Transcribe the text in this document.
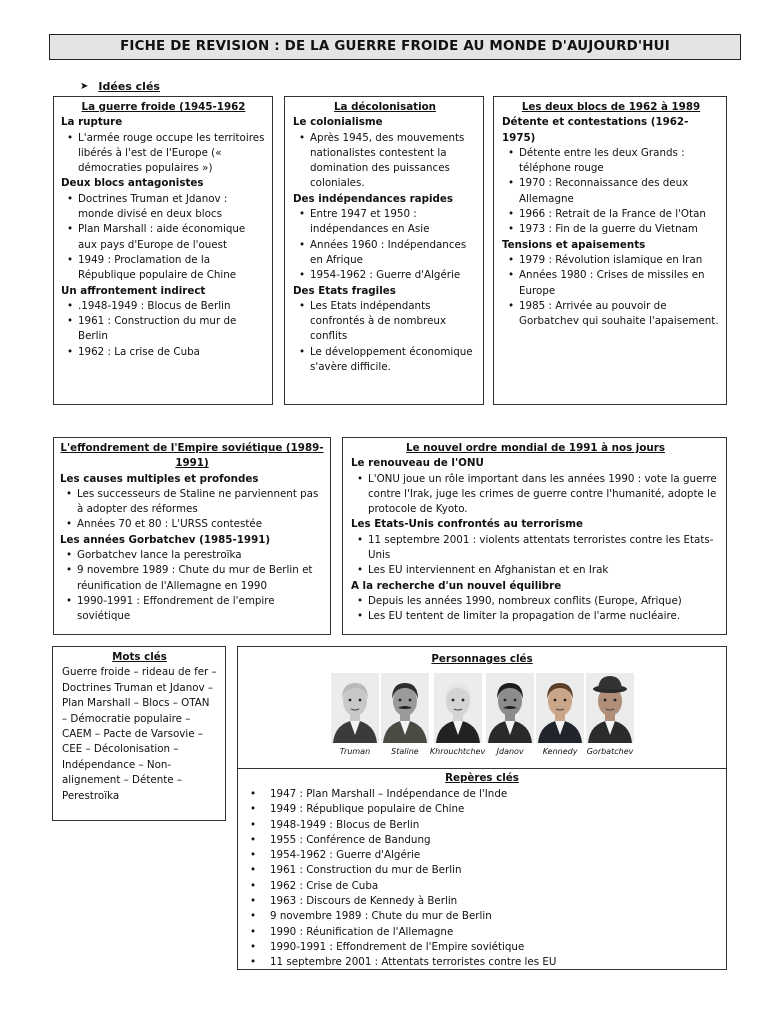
FICHE DE REVISION : DE LA GUERRE FROIDE AU MONDE D'AUJOURD'HUI
➤ Idées clés
La guerre froide (1945-1962
La rupture
• L'armée rouge occupe les territoires libérés à l'est de l'Europe (« démocraties populaires »)
Deux blocs antagonistes
• Doctrines Truman et Jdanov : monde divisé en deux blocs
• Plan Marshall : aide économique aux pays d'Europe de l'ouest
• 1949 : Proclamation de la République populaire de Chine
Un affrontement indirect
• .1948-1949 : Blocus de Berlin
• 1961 : Construction du mur de Berlin
• 1962 : La crise de Cuba
La décolonisation
Le colonialisme
• Après 1945, des mouvements nationalistes contestent la domination des puissances coloniales.
Des indépendances rapides
• Entre 1947 et 1950 : indépendances en Asie
• Années 1960 : Indépendances en Afrique
• 1954-1962 : Guerre d'Algérie
Des Etats fragiles
• Les Etats indépendants confrontés à de nombreux conflits
• Le développement économique s'avère difficile.
Les deux blocs de 1962 à 1989
Détente et contestations (1962-1975)
• Détente entre les deux Grands : téléphone rouge
• 1970 : Reconnaissance des deux Allemagne
• 1966 : Retrait de la France de l'Otan
• 1973 : Fin de la guerre du Vietnam
Tensions et apaisements
• 1979 : Révolution islamique en Iran
• Années 1980 : Crises de missiles en Europe
• 1985 : Arrivée au pouvoir de Gorbatchev qui souhaite l'apaisement.
L'effondrement de l'Empire soviétique (1989-1991)
Les causes multiples et profondes
• Les successeurs de Staline ne parviennent pas à adopter des réformes
• Années 70 et 80 : L'URSS contestée
Les années Gorbatchev (1985-1991)
• Gorbatchev lance la perestroïka
• 9 novembre 1989 : Chute du mur de Berlin et réunification de l'Allemagne en 1990
• 1990-1991 : Effondrement de l'empire soviétique
Le nouvel ordre mondial de 1991 à nos jours
Le renouveau de l'ONU
• L'ONU joue un rôle important dans les années 1990 : vote la guerre contre l'Irak, juge les crimes de guerre contre l'humanité, adopte le protocole de Kyoto.
Les Etats-Unis confrontés au terrorisme
• 11 septembre 2001 : violents attentats terroristes contre les Etats-Unis
• Les EU interviennent en Afghanistan et en Irak
A la recherche d'un nouvel équilibre
• Depuis les années 1990, nombreux conflits (Europe, Afrique)
• Les EU tentent de limiter la propagation de l'arme nucléaire.
Mots clés
Guerre froide – rideau de fer – Doctrines Truman et Jdanov – Plan Marshall – Blocs – OTAN – Démocratie populaire – CAEM – Pacte de Varsovie – CEE – Décolonisation – Indépendance – Non-alignement – Détente – Perestroïka
Personnages clés
Truman	Staline Khrouchtchev Jdanov Kennedy Gorbatchev
Repères clés
•	1947 : Plan Marshall – Indépendance de l'Inde
•	1949 : République populaire de Chine
•	1948-1949 : Blocus de Berlin
•	1955 : Conférence de Bandung
•	1954-1962 : Guerre d'Algérie
•	1961 : Construction du mur de Berlin
•	1962 : Crise de Cuba
•	1963 : Discours de Kennedy à Berlin
•	9 novembre 1989 : Chute du mur de Berlin
•	1990 : Réunification de l'Allemagne
•	1990-1991 : Effondrement de l'Empire soviétique
•	11 septembre 2001 : Attentats terroristes contre les EU
